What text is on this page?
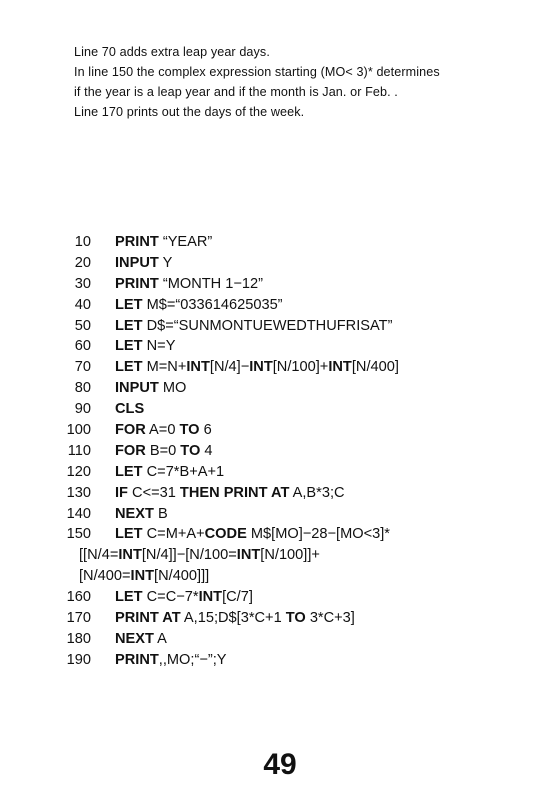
Line 70 adds extra leap year days.

In line 150 the complex expression starting (MO< 3)* determines

if the year is a leap year and if the month is Jan. or Feb. .

Line 170 prints out the days of the week.

10 PRINT “YEAR”
20 INPUT Y
30 PRINT “MONTH 1−12”
40 LET M$=“033614625035”
50 LET D$=“SUNMONTUEWEDTHUFRISAT”
60 LET N=Y
70 LET M=N+INT[N/4]−INT[N/100]+INT[N/400]
80 INPUT MO
90 CLS
100 FOR A=0 TO 6
110 FOR B=0 TO 4
120 LET C=7*B+A+1
130 IF C<=31 THEN PRINT AT A,B*3;C
140 NEXT B
150 LET C=M+A+CODE M$[MO]−28−[MO<3]*
[[N/4=INT[N/4]]−[N/100=INT[N/100]]+
[N/400=INT[N/400]]]
160 LET C=C−7*INT[C/7]
170 PRINT AT A,15;D$[3*C+1 TO 3*C+3]
180 NEXT A
190 PRINT,,MO;“−”;Y
49
